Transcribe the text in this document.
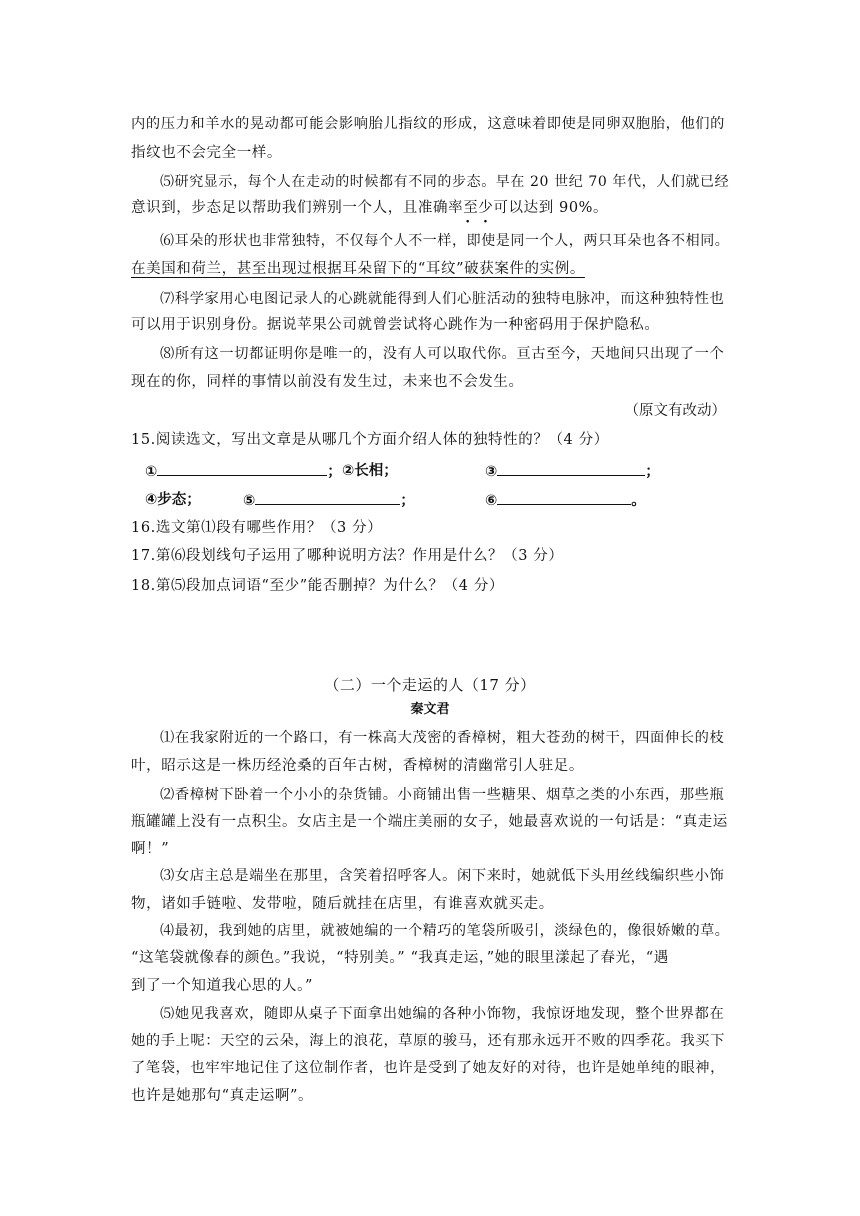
内的压力和羊水的晃动都可能会影响胎儿指纹的形成，这意味着即使是同卵双胞胎，他们的
指纹也不会完全一样。
⑸研究显示，每个人在走动的时候都有不同的步态。早在 20 世纪 70 年代，人们就已经
意识到，步态足以帮助我们辨别一个人，且准确率至少 · ·可以达到 90%。
⑹耳朵的形状也非常独特，不仅每个人不一样，即使是同一个人，两只耳朵也各不相同。
在美国和荷兰，甚至出现过根据耳朵留下的“耳纹”破获案件的实例。
⑺科学家用心电图记录人的心跳就能得到人们心脏活动的独特电脉冲，而这种独特性也
可以用于识别身份。据说苹果公司就曾尝试将心跳作为一种密码用于保护隐私。
⑻所有这一切都证明你是唯一的，没有人可以取代你。亘古至今，天地间只出现了一个
现在的你，同样的事情以前没有发生过，未来也不会发生。
（原文有改动）
15.阅读选文，写出文章是从哪几个方面介绍人体的独特性的？（4 分）
①	； ②长相；	③	；
④步态；	⑤	；	⑥	。
16.选文第⑴段有哪些作用？（3 分）
17.第⑹段划线句子运用了哪种说明方法？作用是什么？（3 分）
18.第⑸段加点词语“至少”能否删掉？为什么？（4 分）
（二）一个走运的人（17 分）
秦文君
⑴在我家附近的一个路口，有一株高大茂密的香樟树，粗大苍劲的树干，四面伸长的枝
叶，昭示这是一株历经沧桑的百年古树，香樟树的清幽常引人驻足。
⑵香樟树下卧着一个小小的杂货铺。小商铺出售一些糖果、烟草之类的小东西，那些瓶
瓶罐罐上没有一点积尘。女店主是一个端庄美丽的女子，她最喜欢说的一句话是：“真走运
啊！”
⑶女店主总是端坐在那里，含笑着招呼客人。闲下来时，她就低下头用丝线编织些小饰
物，诸如手链啦、发带啦，随后就挂在店里，有谁喜欢就买走。
⑷最初，我到她的店里，就被她编的一个精巧的笔袋所吸引，淡绿色的，像很娇嫩的草。
“这笔袋就像春的颜色。”我说，“特别美。” “我真走运，”她的眼里漾起了春光，“遇
到了一个知道我心思的人。”
⑸她见我喜欢，随即从桌子下面拿出她编的各种小饰物，我惊讶地发现，整个世界都在
她的手上呢：天空的云朵，海上的浪花，草原的骏马，还有那永远开不败的四季花。我买下
了笔袋，也牢牢地记住了这位制作者，也许是受到了她友好的对待，也许是她单纯的眼神，
也许是她那句“真走运啊”。
